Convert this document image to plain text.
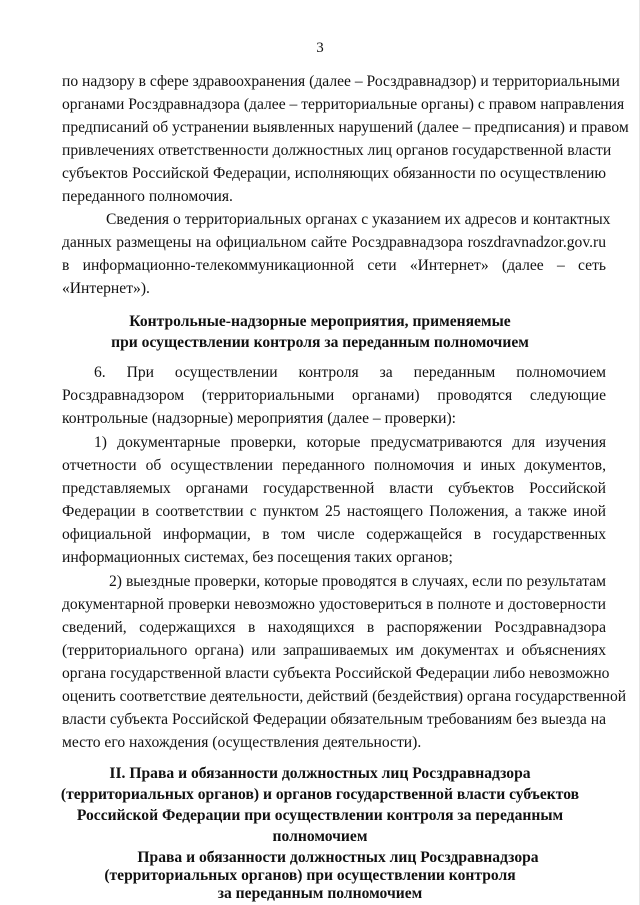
3
по надзору в сфере здравоохранения (далее – Росздравнадзор) и территориальными
органами Росздравнадзора (далее – территориальные органы) с правом направления
предписаний об устранении выявленных нарушений (далее – предписания) и правом
привлечениях ответственности должностных лиц органов государственной власти
субъектов Российской Федерации, исполняющих обязанности по осуществлению
переданного полномочия.
Сведения о территориальных органах с указанием их адресов и контактных
данных размещены на официальном сайте Росздравнадзора roszdravnadzor.gov.ru
в информационно-телекоммуникационной сети «Интернет» (далее – сеть
«Интернет»).
Контрольные-надзорные мероприятия, применяемые
при осуществлении контроля за переданным полномочием
6. При осуществлении контроля за переданным полномочием
Росздравнадзором (территориальными органами) проводятся следующие
контрольные (надзорные) мероприятия (далее – проверки):
1) документарные проверки, которые предусматриваются для изучения
отчетности об осуществлении переданного полномочия и иных документов,
представляемых органами государственной власти субъектов Российской
Федерации в соответствии с пунктом 25 настоящего Положения, а также иной
официальной информации, в том числе содержащейся в государственных
информационных системах, без посещения таких органов;
2) выездные проверки, которые проводятся в случаях, если по результатам
документарной проверки невозможно удостовериться в полноте и достоверности
сведений, содержащихся в находящихся в распоряжении Росздравнадзора
(территориального органа) или запрашиваемых им документах и объяснениях
органа государственной власти субъекта Российской Федерации либо невозможно
оценить соответствие деятельности, действий (бездействия) органа государственной
власти субъекта Российской Федерации обязательным требованиям без выезда на
место его нахождения (осуществления деятельности).
II. Права и обязанности должностных лиц Росздравнадзора
(территориальных органов) и органов государственной власти субъектов
Российской Федерации при осуществлении контроля за переданным
полномочием
Права и обязанности должностных лиц Росздравнадзора
(территориальных органов) при осуществлении контроля
за переданным полномочием
